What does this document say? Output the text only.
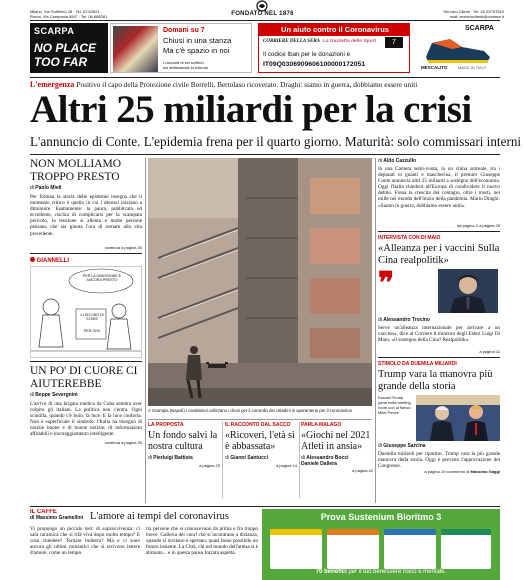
Milano, Via Solferino 28 · Tel. 02 62821
Roma, Via Campania 59/C · Tel. 06 688281	FONDATO NEL 1876	Servizio Clienti · Tel. 02 63797510
mail: servizioclienti@corriere.it
SCARPA
NO PLACE
TOO FAR
Domani su 7
Chiusi in una stanza
Ma c'è spazio in noi
I racconti di sei scrittori
sul settimanale in edicola
Un aiuto contro il Coronavirus
CORRIERE DELLA SERA La Gazzetta dello Sport	7
Il codice Iban per le donazioni è
IT09Q0306909606100000172051
SCARPA
MESCALITO	MADE IN ITALY
L'emergenza Positivo il capo della Protezione civile Borrelli, Bertolaso ricoverato. Draghi: siamo in guerra, dobbiamo essere uniti
Altri 25 miliardi per la crisi
L'annuncio di Conte. L'epidemia frena per il quarto giorno. Maturità: solo commissari interni
NON MOLLIAMO TROPPO PRESTO
di Paolo Mieli
Per fortuna la storia delle epidemie insegna che il momento critico è quello in cui i decessi iniziano a diminuire. Esattamente: la paura, pubblicata ed eccellente, rischia di complicarsi per la scampata pericolo, la tensione si allenta e molte persone pensano che sia giunta l'ora di tornare alla vita precedente.
continua a pagina 30
GIANNELLI
PER LA DIMISSIONE È ANCORA PRESTO
CI DICONO DI STARE
PER ORA
UN PO' DI CUORE CI AIUTEREBBE
di Beppe Severgnini
L'arrivo di una brigata medica da Cuba sembra aver colpito gli italiani. La politica non c'entra. Ogni scintilla, quando c'è buio, fa luce. E la luce conforta. Non è superficiale il simbolo: l'Italia ha bisogno di notizie buone e di buone notizie, di informazioni affidabili e incoraggiamento intelligente.
continua a pagina 30
A Scampia (Napoli) i carabinieri utilizzano i droni per il controllo dei cittadini in quarantena per il coronavirus
LA PROPOSTA
Un fondo salvi la nostra cultura
di Pierluigi Battista
a pagina 25
IL RACCONTO DAL SACCO
«Ricoveri, l'età si è abbassata»
di Gianni Santucci
a pagina 14
PARLA MALAGÒ
«Giochi nel 2021 Atleti in ansia»
di Alessandro Bocci
Daniele Dallera
a pagina 42
di Aldo Cazzullo
In una Camera semi-vuota, in un clima surreale, tra i deputati in guanti e mascherina, il premier Giuseppe Conte annuncia altri 25 miliardi a sostegno dell'economia. Oggi l'Italia chiederà all'Europa di condividere il nuovo debito. Frena la crescita del contagio, oltre i morti, nei mille nei mondo dell'inizio della pandemia. Mario Draghi: «Siamo in guerra, dobbiamo essere uniti».
da pagina 2 a pagina 25
INTERVISTA CON DI MAIO
«Alleanza per i vaccini Sulla Cina realpolitik»
❞
di Alessandro Trocino
Serve un'alleanza internazionale per arrivare a un vaccino», dice al Corriere il ministro degli Esteri Luigi Di Maio, «il sostegno della Cina? Realpolitik».
a pagina 11
STIMOLO DA DUEMILA MILIARDI
Trump vara la manovra più grande della storia
Donald Trump parla nella briefing room con al fianco Mike Pence
di Giuseppe Sarcina
Duemila miliardi per ripartire. Trump vara la più grande manovra della storia. Oggi è previsto l'approvazione del Congresso.
a pagina 19 commento di Massimo Gaggi
IL CAFFÈ
di Massimo Gramellini L'amore ai tempi del coronavirus
Vi propongo un piccolo test: di sopravvivenza: ci sarà un'amica che si rifà viva dopo molto tempo? E cosa chiedete? Tornare indietro? Ma e ci sono ancora gli ultimi romantici che si scrivono lettere d'amore, come un tempo.
tra persone che si conoscevano da prima e fra troppo breve. Galleria dei cuori che si incontrano a distanza, quando si invitano e sperano, quasi fosse possibile un futuro insieme. La Città, chi nel mondo dell'attesa si è abituato... e in questa pausa forzata aspetta.
Prova Sustenium Bioritmo 3
70 benefici per il tuo benessere fisico e mentale.
